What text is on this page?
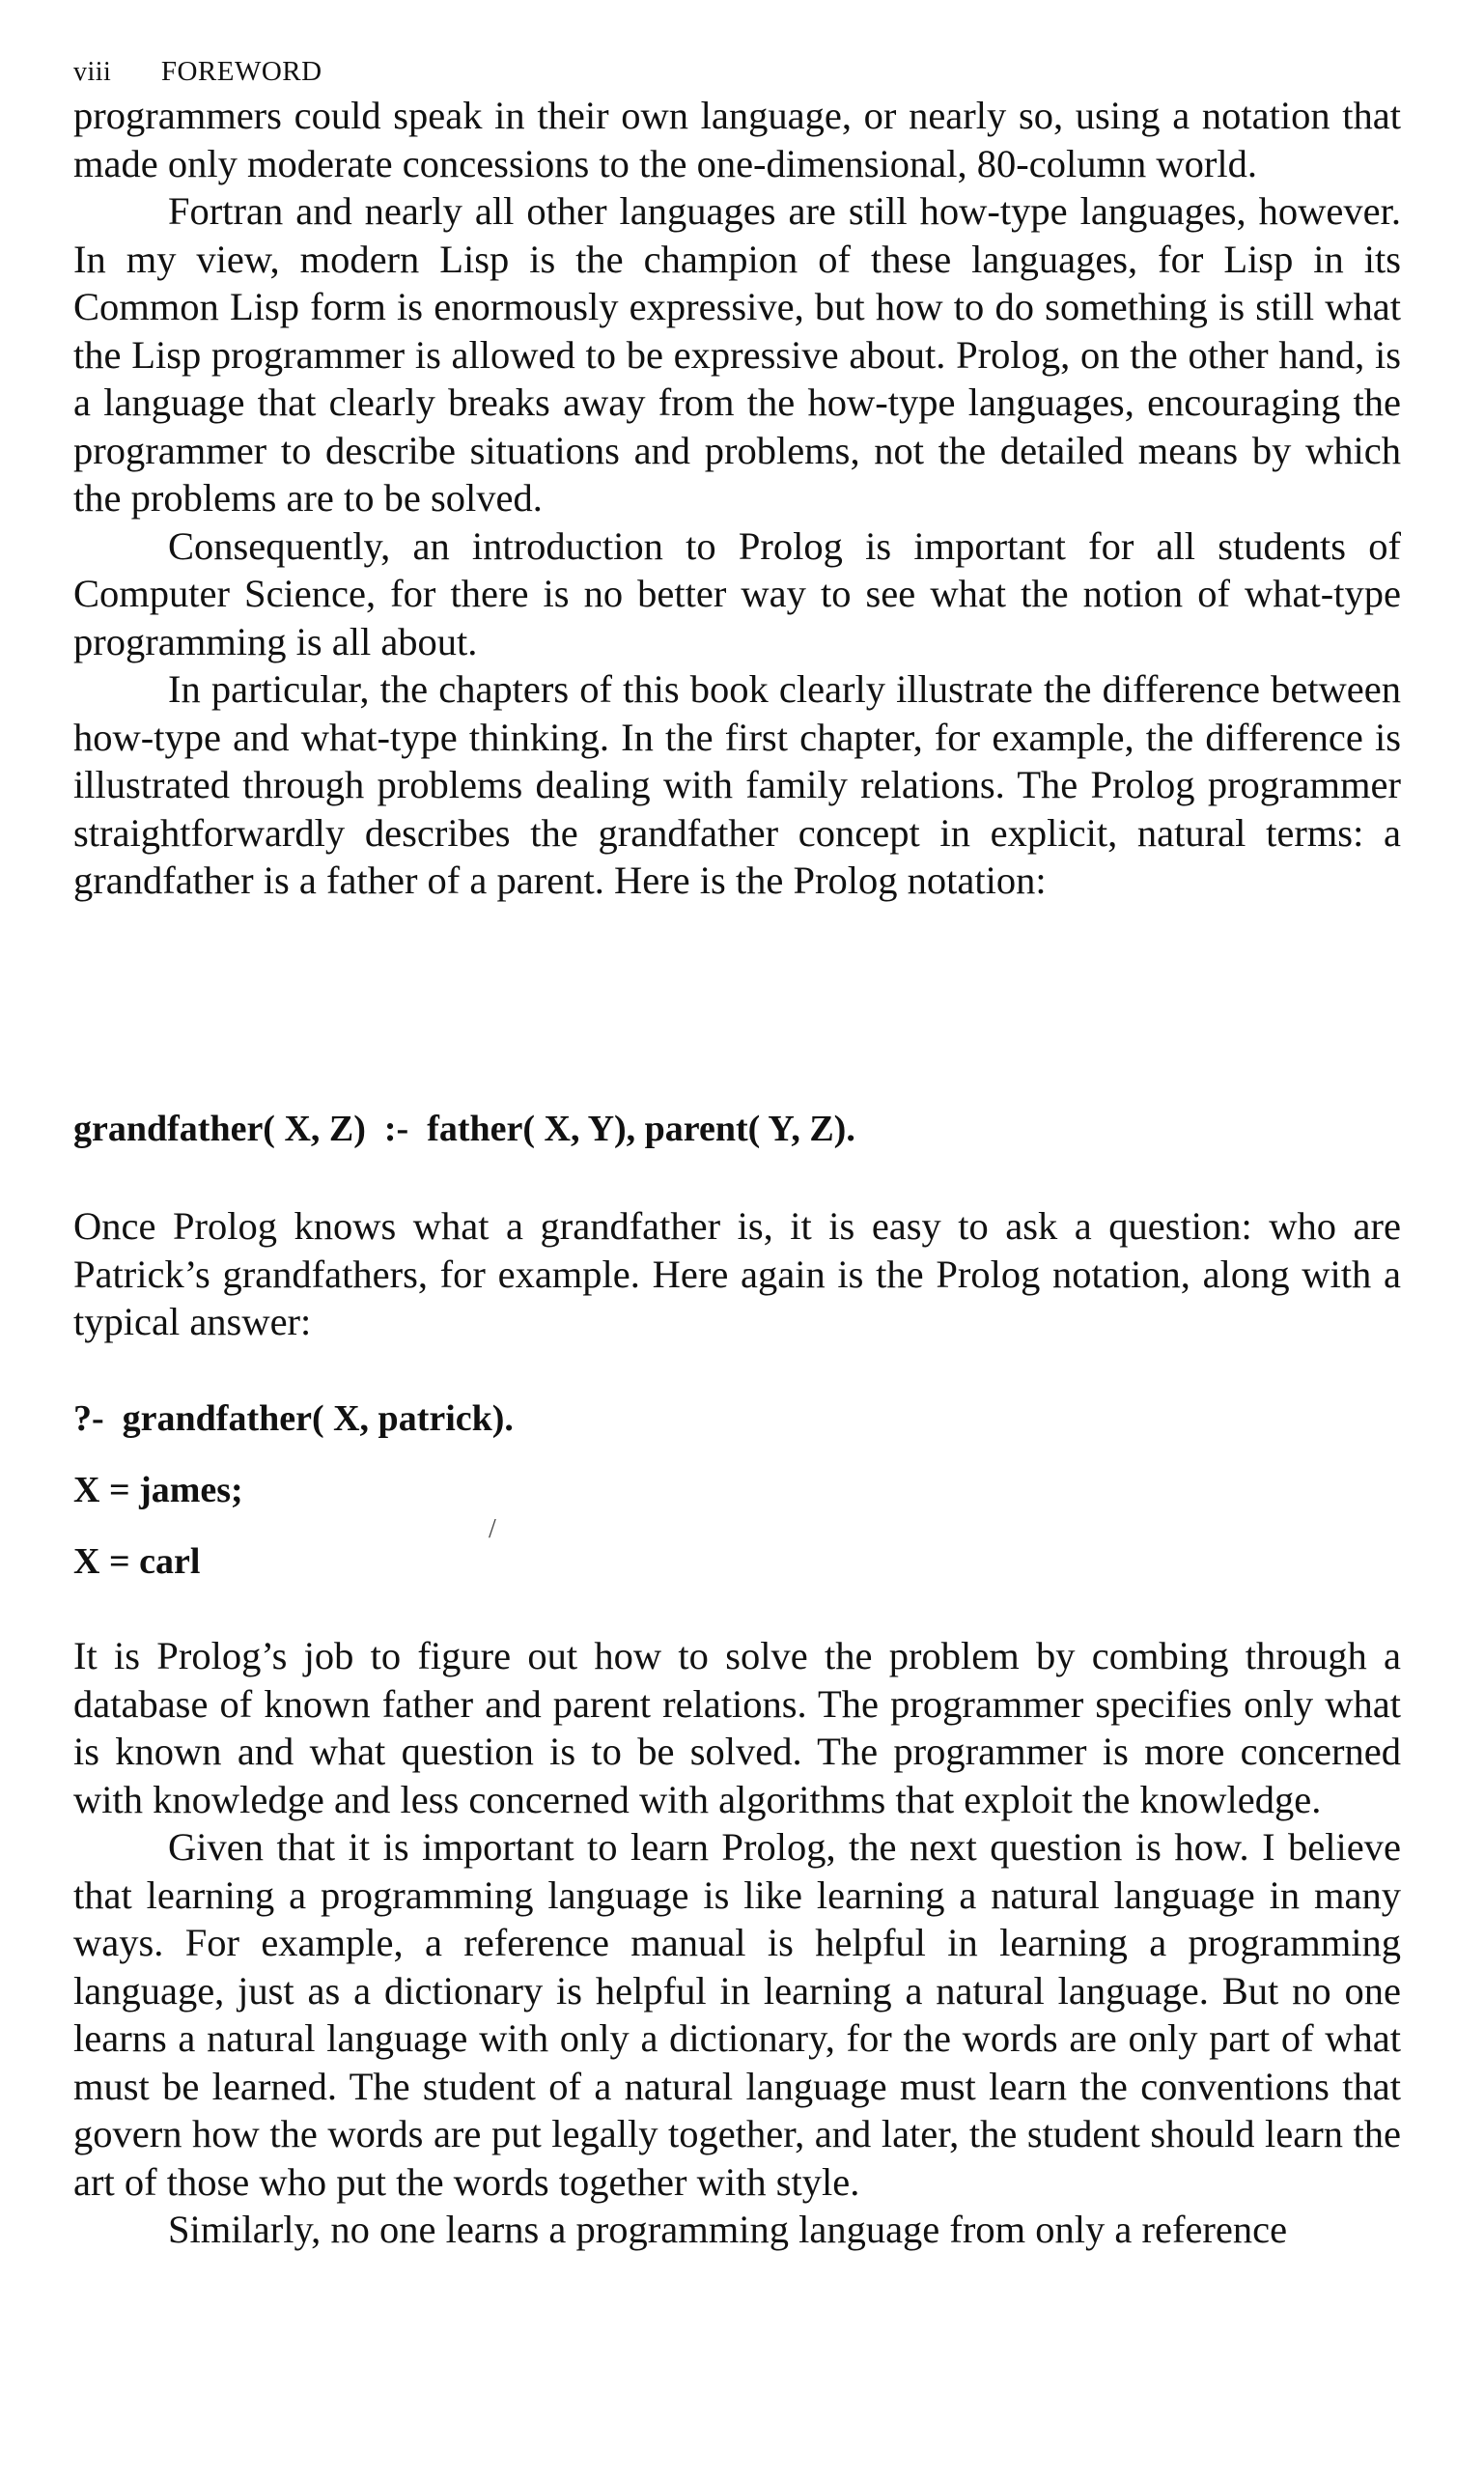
viii FOREWORD

programmers could speak in their own language, or nearly so, using a notation that made only moderate concessions to the one-dimensional, 80-column world.

Fortran and nearly all other languages are still how-type languages, however. In my view, modern Lisp is the champion of these languages, for Lisp in its Common Lisp form is enormously expressive, but how to do something is still what the Lisp programmer is allowed to be expressive about. Prolog, on the other hand, is a language that clearly breaks away from the how-type languages, encouraging the programmer to describe situations and problems, not the detailed means by which the problems are to be solved.

Consequently, an introduction to Prolog is important for all students of Computer Science, for there is no better way to see what the notion of what-type programming is all about.

In particular, the chapters of this book clearly illustrate the difference between how-type and what-type thinking. In the first chapter, for example, the difference is illustrated through problems dealing with family relations. The Prolog programmer straightforwardly describes the grandfather concept in explicit, natural terms: a grandfather is a father of a parent. Here is the Prolog notation:

grandfather( X, Z)  :-  father( X, Y), parent( Y, Z).

Once Prolog knows what a grandfather is, it is easy to ask a question: who are Patrick’s grandfathers, for example. Here again is the Prolog notation, along with a typical answer:

?-  grandfather( X, patrick).
X = james;
X = carl
/

It is Prolog’s job to figure out how to solve the problem by combing through a database of known father and parent relations. The programmer specifies only what is known and what question is to be solved. The programmer is more concerned with knowledge and less concerned with algorithms that exploit the knowledge.

Given that it is important to learn Prolog, the next question is how. I believe that learning a programming language is like learning a natural language in many ways. For example, a reference manual is helpful in learning a programming language, just as a dictionary is helpful in learning a natural language. But no one learns a natural language with only a dictionary, for the words are only part of what must be learned. The student of a natural language must learn the conventions that govern how the words are put legally together, and later, the student should learn the art of those who put the words together with style.

Similarly, no one learns a programming language from only a reference
